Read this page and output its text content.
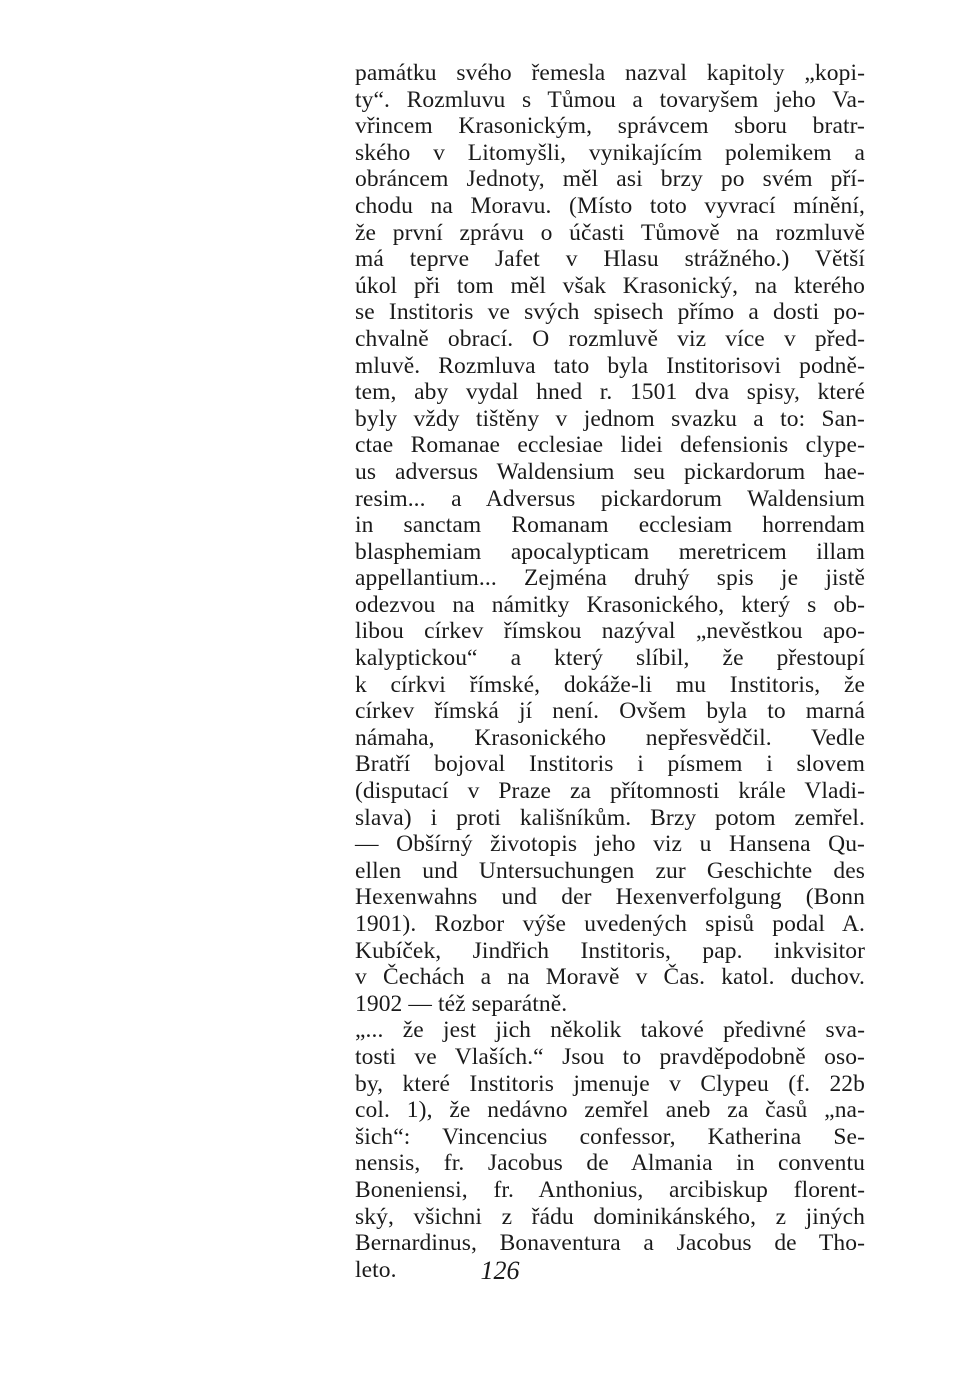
památku svého řemesla nazval kapitoly „kopi-
ty“. Rozmluvu s Tůmou a tovaryšem jeho Va-
vřincem Krasonickým, správcem sboru bratr-
ského v Litomyšli, vynikajícím polemikem a
obráncem Jednoty, měl asi brzy po svém pří-
chodu na Moravu. (Místo toto vyvrací mínění,
že první zprávu o účasti Tůmově na rozmluvě
má teprve Jafet v Hlasu strážného.) Větší
úkol při tom měl však Krasonický, na kterého
se Institoris ve svých spisech přímo a dosti po-
chvalně obrací. O rozmluvě viz více v před-
mluvě. Rozmluva tato byla Institorisovi podně-
tem, aby vydal hned r. 1501 dva spisy, které
byly vždy tištěny v jednom svazku a to: San-
ctae Romanae ecclesiae lidei defensionis clype-
us adversus Waldensium seu pickardorum hae-
resim... a Adversus pickardorum Waldensium
in sanctam Romanam ecclesiam horrendam
blasphemiam apocalypticam meretricem illam
appellantium... Zejména druhý spis je jistě
odezvou na námitky Krasonického, který s ob-
libou církev římskou nazýval „nevěstkou apo-
kalyptickou“ a který slíbil, že přestoupí
k církvi římské, dokáže-li mu Institoris, že
církev římská jí není. Ovšem byla to marná
námaha, Krasonického nepřesvědčil. Vedle
Bratří bojoval Institoris i písmem i slovem
(disputací v Praze za přítomnosti krále Vladi-
slava) i proti kališníkům. Brzy potom zemřel.
— Obšírný životopis jeho viz u Hansena Qu-
ellen und Untersuchungen zur Geschichte des
Hexenwahns und der Hexenverfolgung (Bonn
1901). Rozbor výše uvedených spisů podal A.
Kubíček, Jindřich Institoris, pap. inkvisitor
v Čechách a na Moravě v Čas. katol. duchov.
1902 — též separátně.
„... že jest jich několik takové předivné sva-
tosti ve Vlaších.“ Jsou to pravděpodobně oso-
by, které Institoris jmenuje v Clypeu (f. 22b
col. 1), že nedávno zemřel aneb za časů „na-
šich“: Vincencius confessor, Katherina Se-
nensis, fr. Jacobus de Almania in conventu
Boneniensi, fr. Anthonius, arcibiskup florent-
ský, všichni z řádu dominikánského, z jiných
Bernardinus, Bonaventura a Jacobus de Tho-
leto.	126
